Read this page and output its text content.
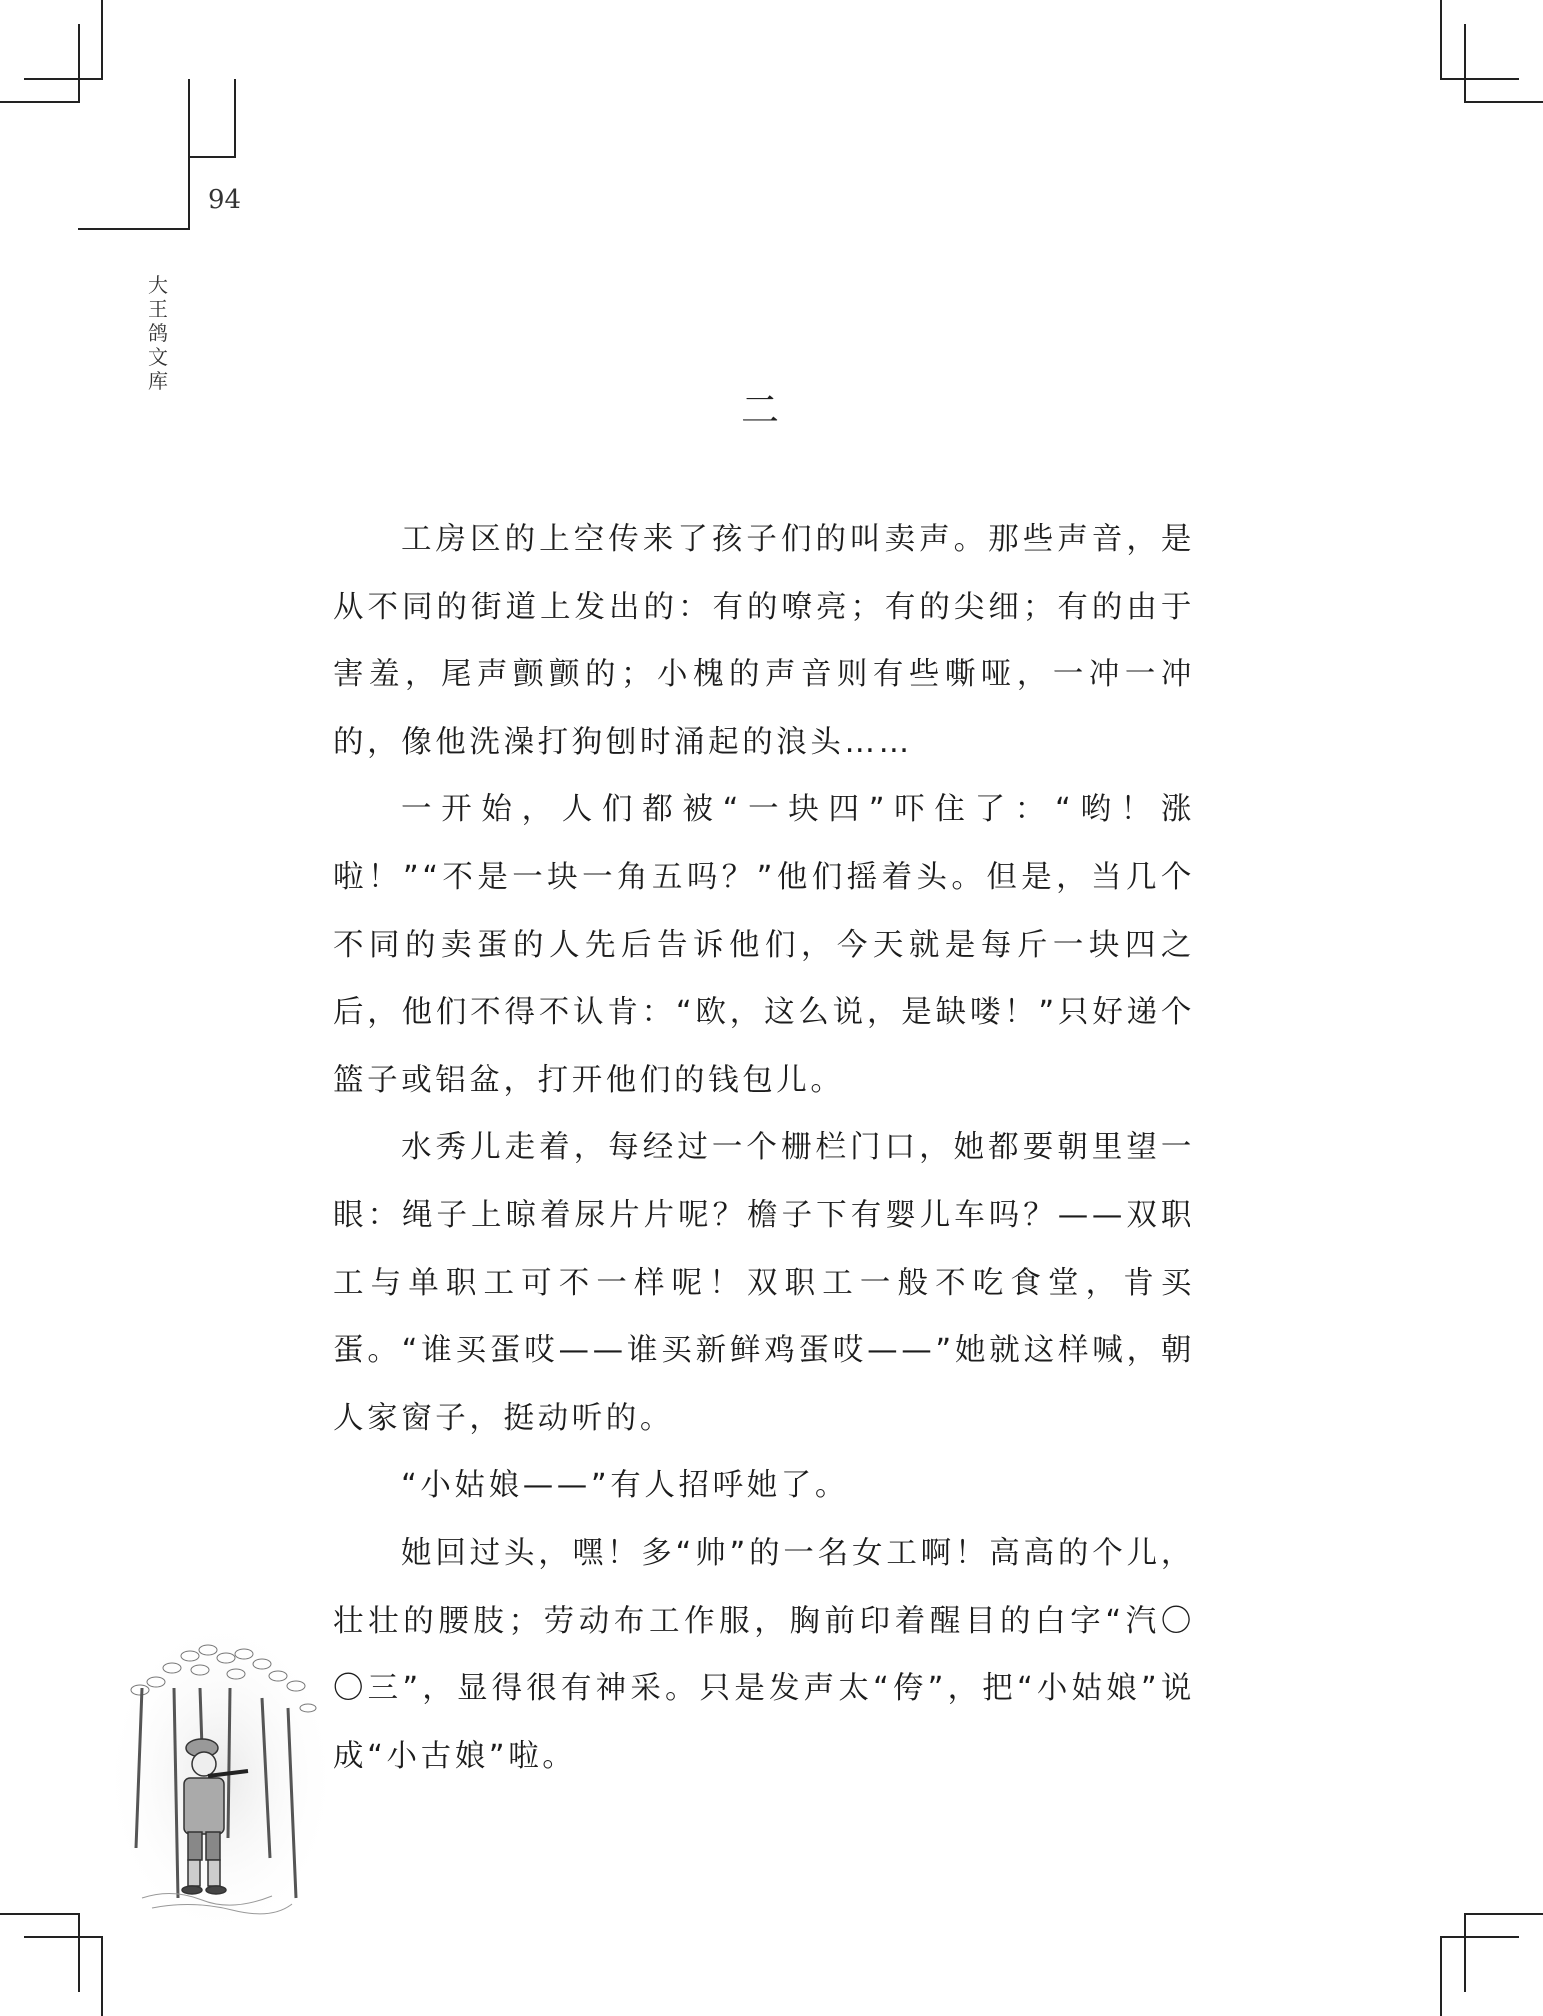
94
大王鸽文库
二

工房区的上空传来了孩子们的叫卖声。那些声音，是从不同的街道上发出的：有的嘹亮；有的尖细；有的由于害羞，尾声颤颤的；小槐的声音则有些嘶哑，一冲一冲的，像他洗澡打狗刨时涌起的浪头……

一开始，人们都被“一块四”吓住了：“哟！涨啦！”“不是一块一角五吗？”他们摇着头。但是，当几个不同的卖蛋的人先后告诉他们，今天就是每斤一块四之后，他们不得不认肯：“欧，这么说，是缺喽！”只好递个篮子或铝盆，打开他们的钱包儿。

水秀儿走着，每经过一个栅栏门口，她都要朝里望一眼：绳子上晾着尿片片呢？檐子下有婴儿车吗？——双职工与单职工可不一样呢！双职工一般不吃食堂，肯买蛋。“谁买蛋哎——谁买新鲜鸡蛋哎——”她就这样喊，朝人家窗子，挺动听的。

“小姑娘——”有人招呼她了。

她回过头，嘿！多“帅”的一名女工啊！高高的个儿，壮壮的腰肢；劳动布工作服，胸前印着醒目的白字“汽〇〇三”，显得很有神采。只是发声太“侉”，把“小姑娘”说成“小古娘”啦。
